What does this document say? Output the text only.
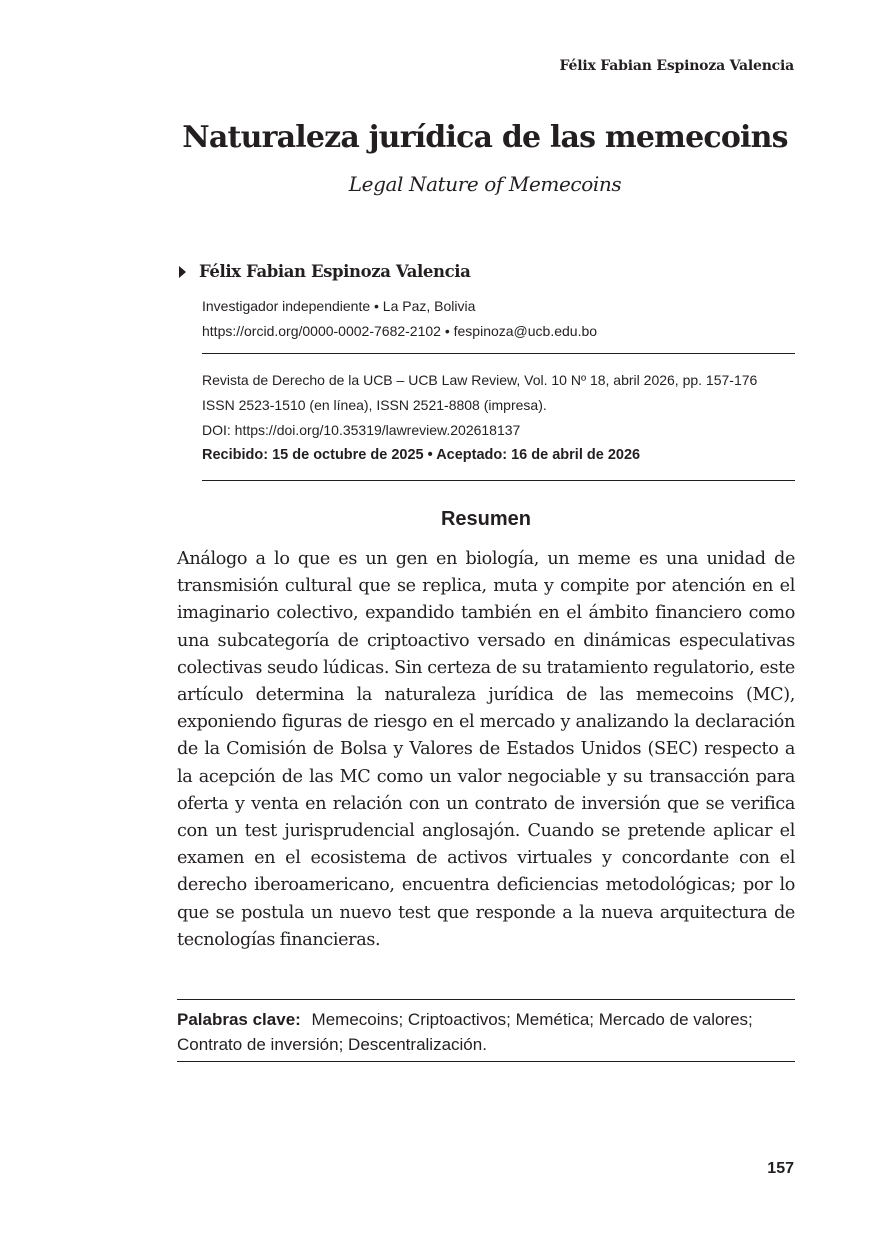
Félix Fabian Espinoza Valencia
Naturaleza jurídica de las memecoins
Legal Nature of Memecoins
Félix Fabian Espinoza Valencia
Investigador independiente • La Paz, Bolivia
https://orcid.org/0000-0002-7682-2102 • fespinoza@ucb.edu.bo
Revista de Derecho de la UCB – UCB Law Review, Vol. 10 Nº 18, abril 2026, pp. 157-176
ISSN 2523-1510 (en línea), ISSN 2521-8808 (impresa).
DOI: https://doi.org/10.35319/lawreview.202618137
Recibido: 15 de octubre de 2025 • Aceptado: 16 de abril de 2026
Resumen

Análogo a lo que es un gen en biología, un meme es una unidad de transmisión cultural que se replica, muta y compite por atención en el imaginario colectivo, expandido también en el ámbito financiero como una subcategoría de criptoactivo versado en dinámicas especulativas colectivas seudo lúdicas. Sin certeza de su tratamiento regulatorio, este artículo determina la naturaleza jurídica de las memecoins (MC), exponiendo figuras de riesgo en el mercado y analizando la declaración de la Comisión de Bolsa y Valores de Estados Unidos (SEC) respecto a la acepción de las MC como un valor negociable y su transacción para oferta y venta en relación con un contrato de inversión que se verifica con un test jurisprudencial anglosajón. Cuando se pretende aplicar el examen en el ecosistema de activos virtuales y concordante con el derecho iberoamericano, encuentra deficiencias metodológicas; por lo que se postula un nuevo test que responde a la nueva arquitectura de tecnologías financieras.

Palabras clave: Memecoins; Criptoactivos; Memética; Mercado de valores; Contrato de inversión; Descentralización.
157
